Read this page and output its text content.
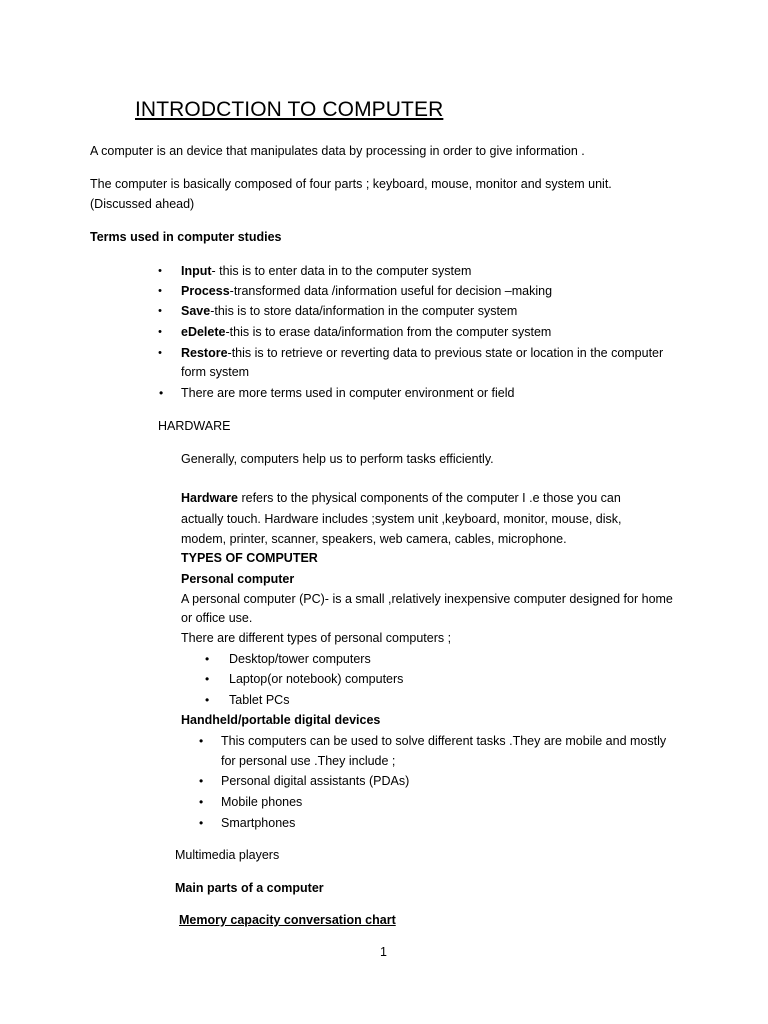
INTRODCTION TO COMPUTER
A computer is an device that manipulates data by processing in order to give information .
The computer is basically composed of four parts ; keyboard, mouse, monitor and system unit.
(Discussed ahead)
Terms used in computer studies
• Input- this is to enter data in to the computer system
• Process-transformed data /information useful for decision –making
• Save-this is to store data/information in the computer system
• eDelete-this is to erase data/information from the computer system
• Restore-this is to retrieve or reverting data to previous state or location in the computer
form system
• There are more terms used in computer environment or field
HARDWARE
Generally, computers help us to perform tasks efficiently.
Hardware refers to the physical components of the computer I .e those you can
actually touch. Hardware includes ;system unit ,keyboard, monitor, mouse, disk,
modem, printer, scanner, speakers, web camera, cables, microphone.
TYPES OF COMPUTER
Personal computer
A personal computer (PC)- is a small ,relatively inexpensive computer designed for home
or office use.
There are different types of personal computers ;
• Desktop/tower computers
• Laptop(or notebook) computers
• Tablet PCs
Handheld/portable digital devices
• This computers can be used to solve different tasks .They are mobile and mostly
for personal use .They include ;
• Personal digital assistants (PDAs)
• Mobile phones
• Smartphones
Multimedia players
Main parts of a computer
Memory capacity conversation chart
1
